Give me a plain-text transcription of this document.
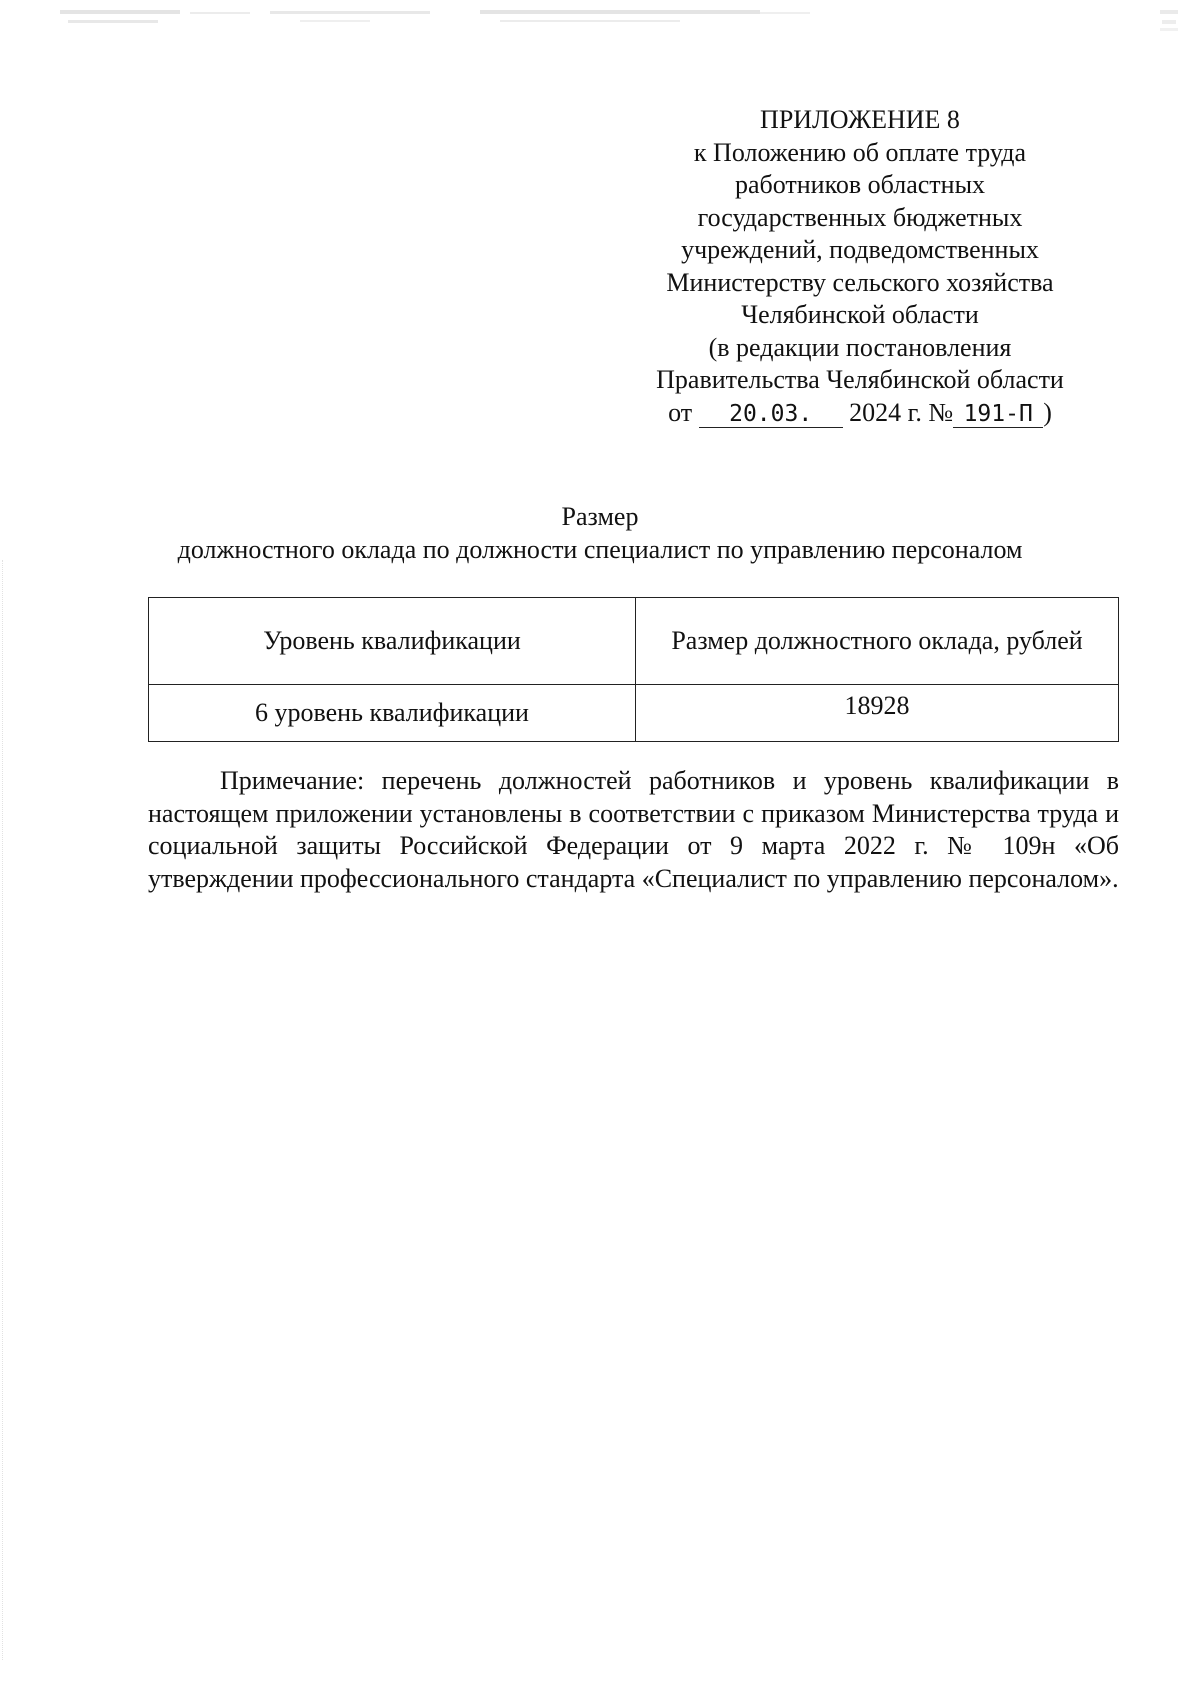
ПРИЛОЖЕНИЕ 8
к Положению об оплате труда
работников областных
государственных бюджетных
учреждений, подведомственных
Министерству сельского хозяйства
Челябинской области
(в редакции постановления
Правительства Челябинской области
от 20.03. 2024 г. № 191-П )
Размер
должностного оклада по должности специалист по управлению персоналом
Уровень квалификации	Размер должностного оклада, рублей
6 уровень квалификации	18928

Примечание: перечень должностей работников и уровень квалификации в настоящем приложении установлены в соответствии с приказом Министерства труда и социальной защиты Российской Федерации от 9 марта 2022 г. № 109н «Об утверждении профессионального стандарта «Специалист по управлению персоналом».
